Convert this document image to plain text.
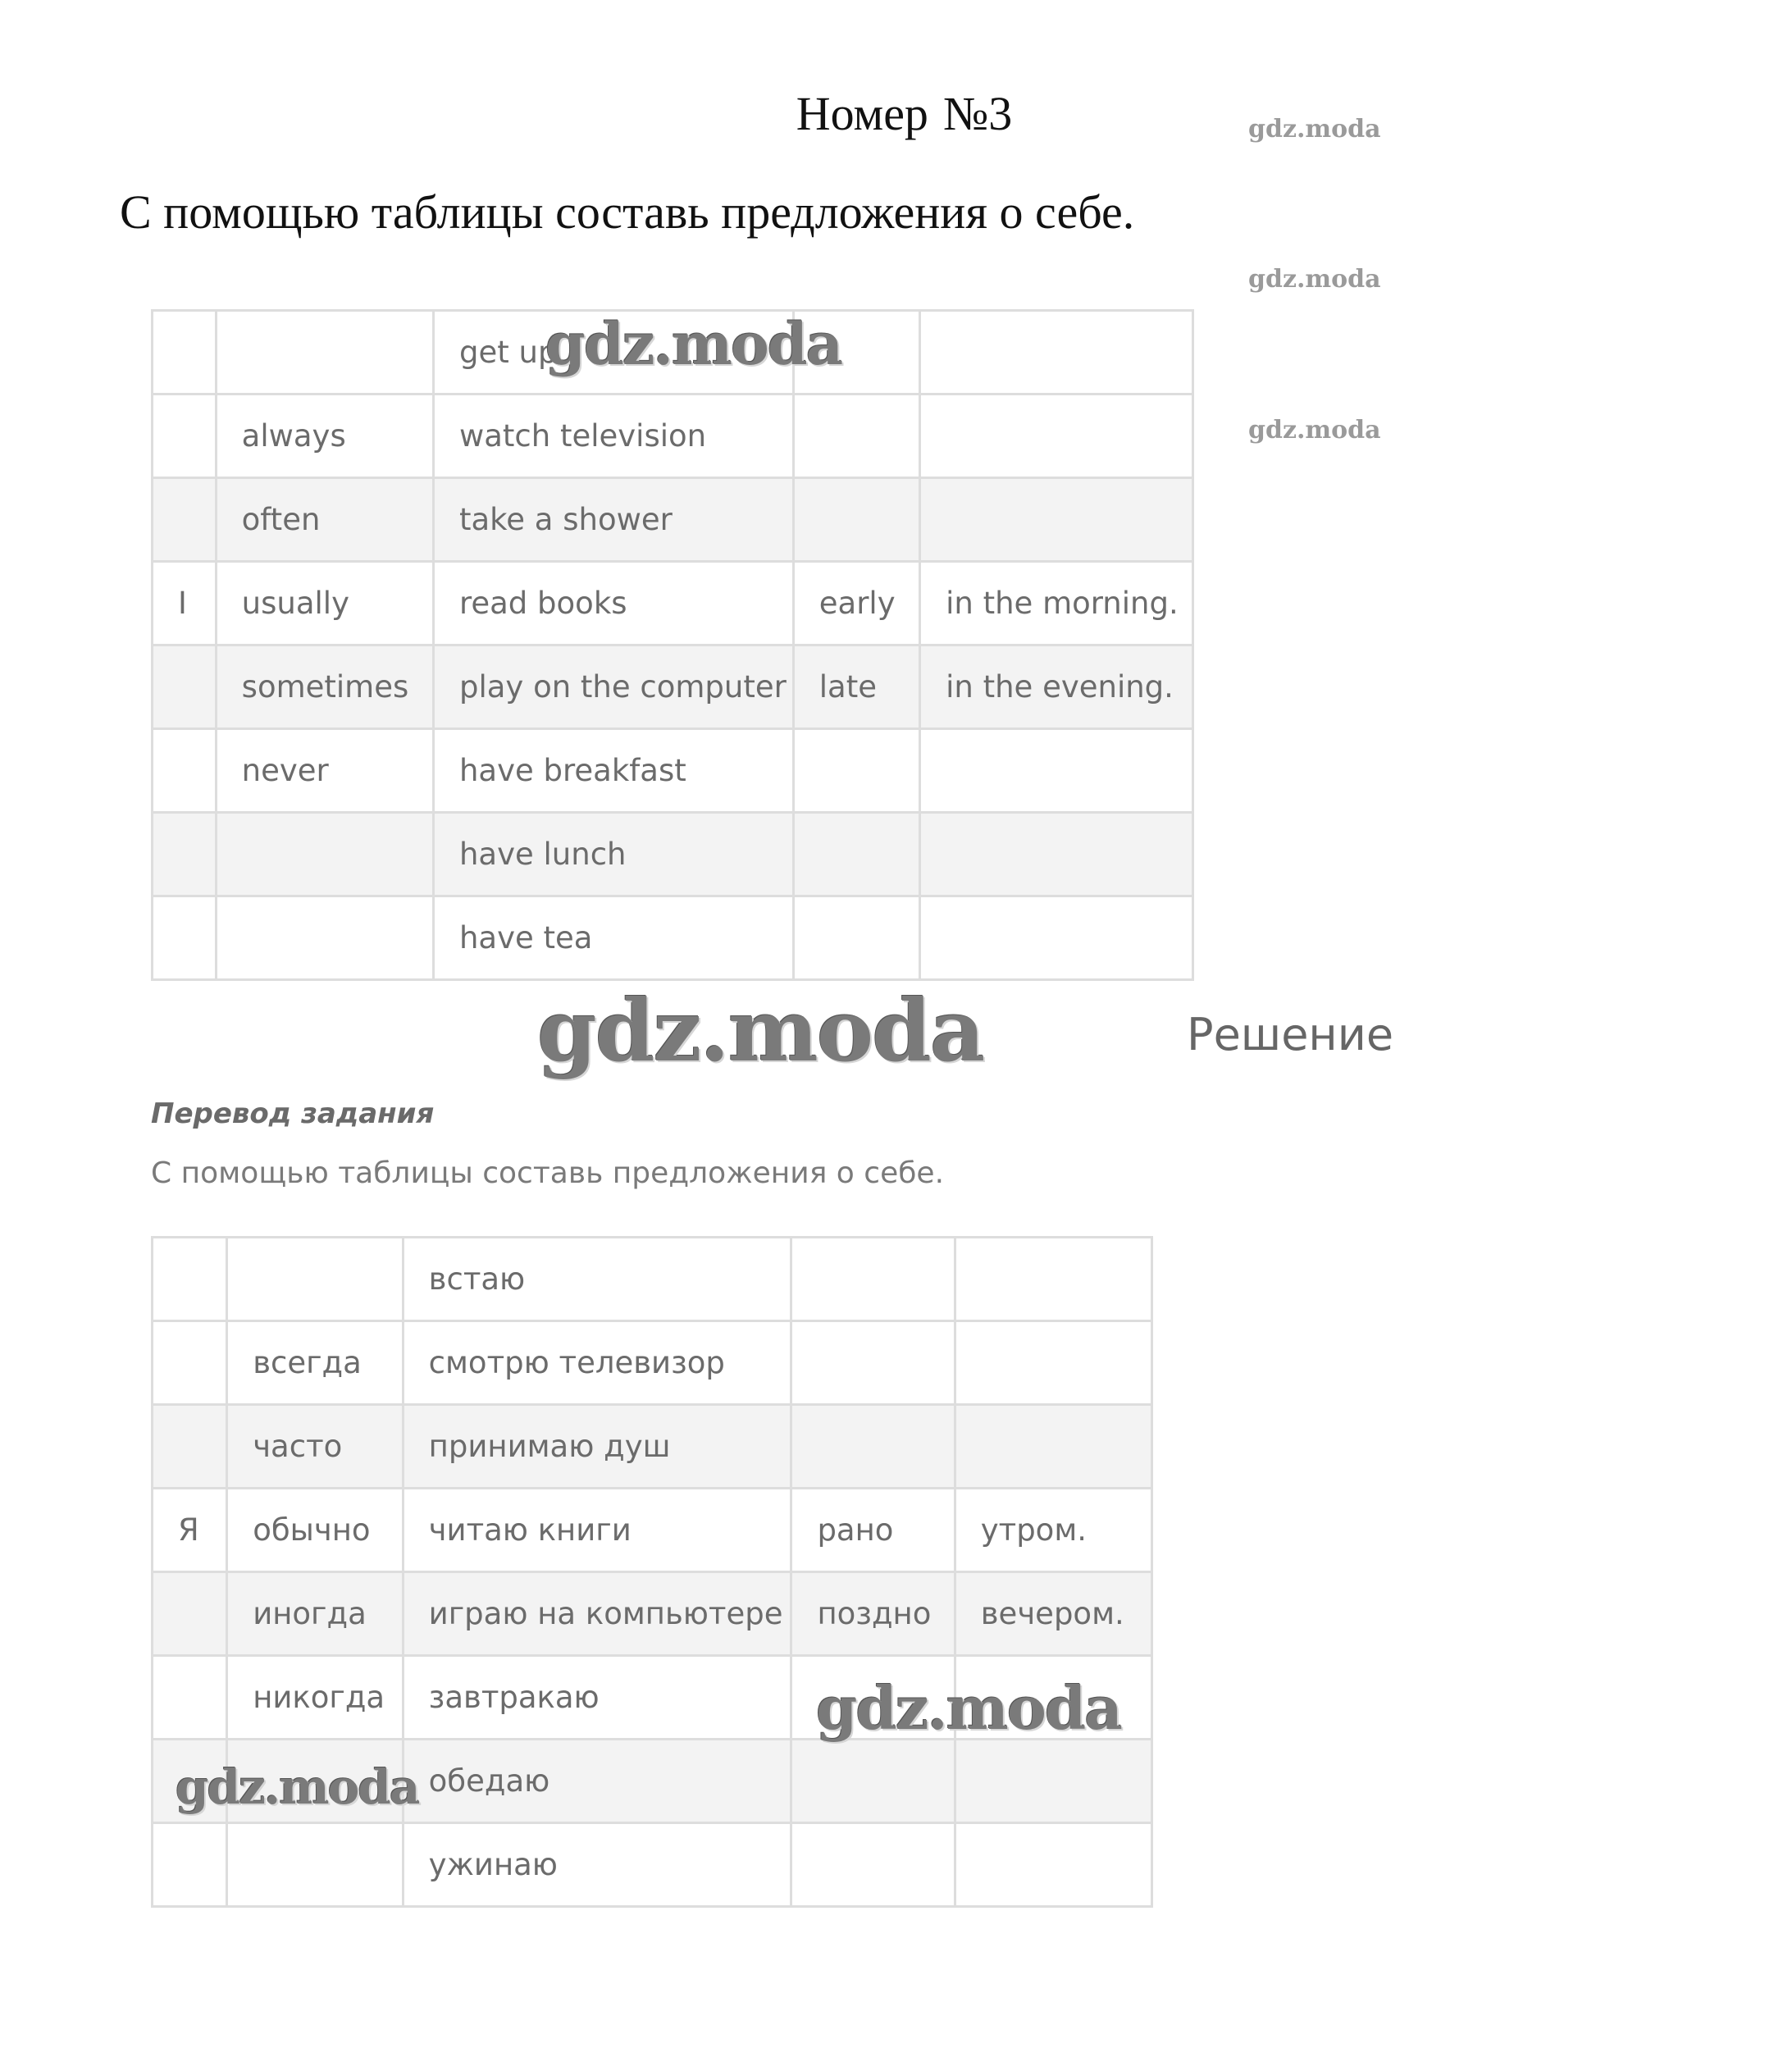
Номер №3
С помощью таблицы составь предложения о себе.
gdz.moda
gdz.moda
gdz.moda
		get up		
	always	watch television		
	often	take a shower		
I	usually	read books	early	in the morning.
	sometimes	play on the computer	late	in the evening.
	never	have breakfast		
		have lunch		
		have tea		
gdz.moda
gdz.moda	Решение
Перевод задания
С помощью таблицы составь предложения о себе.
		встаю		
	всегда	смотрю телевизор		
	часто	принимаю душ		
Я	обычно	читаю книги	рано	утром.
	иногда	играю на компьютере	поздно	вечером.
	никогда	завтракаю		
		обедаю		
		ужинаю		
gdz.moda
gdz.moda
